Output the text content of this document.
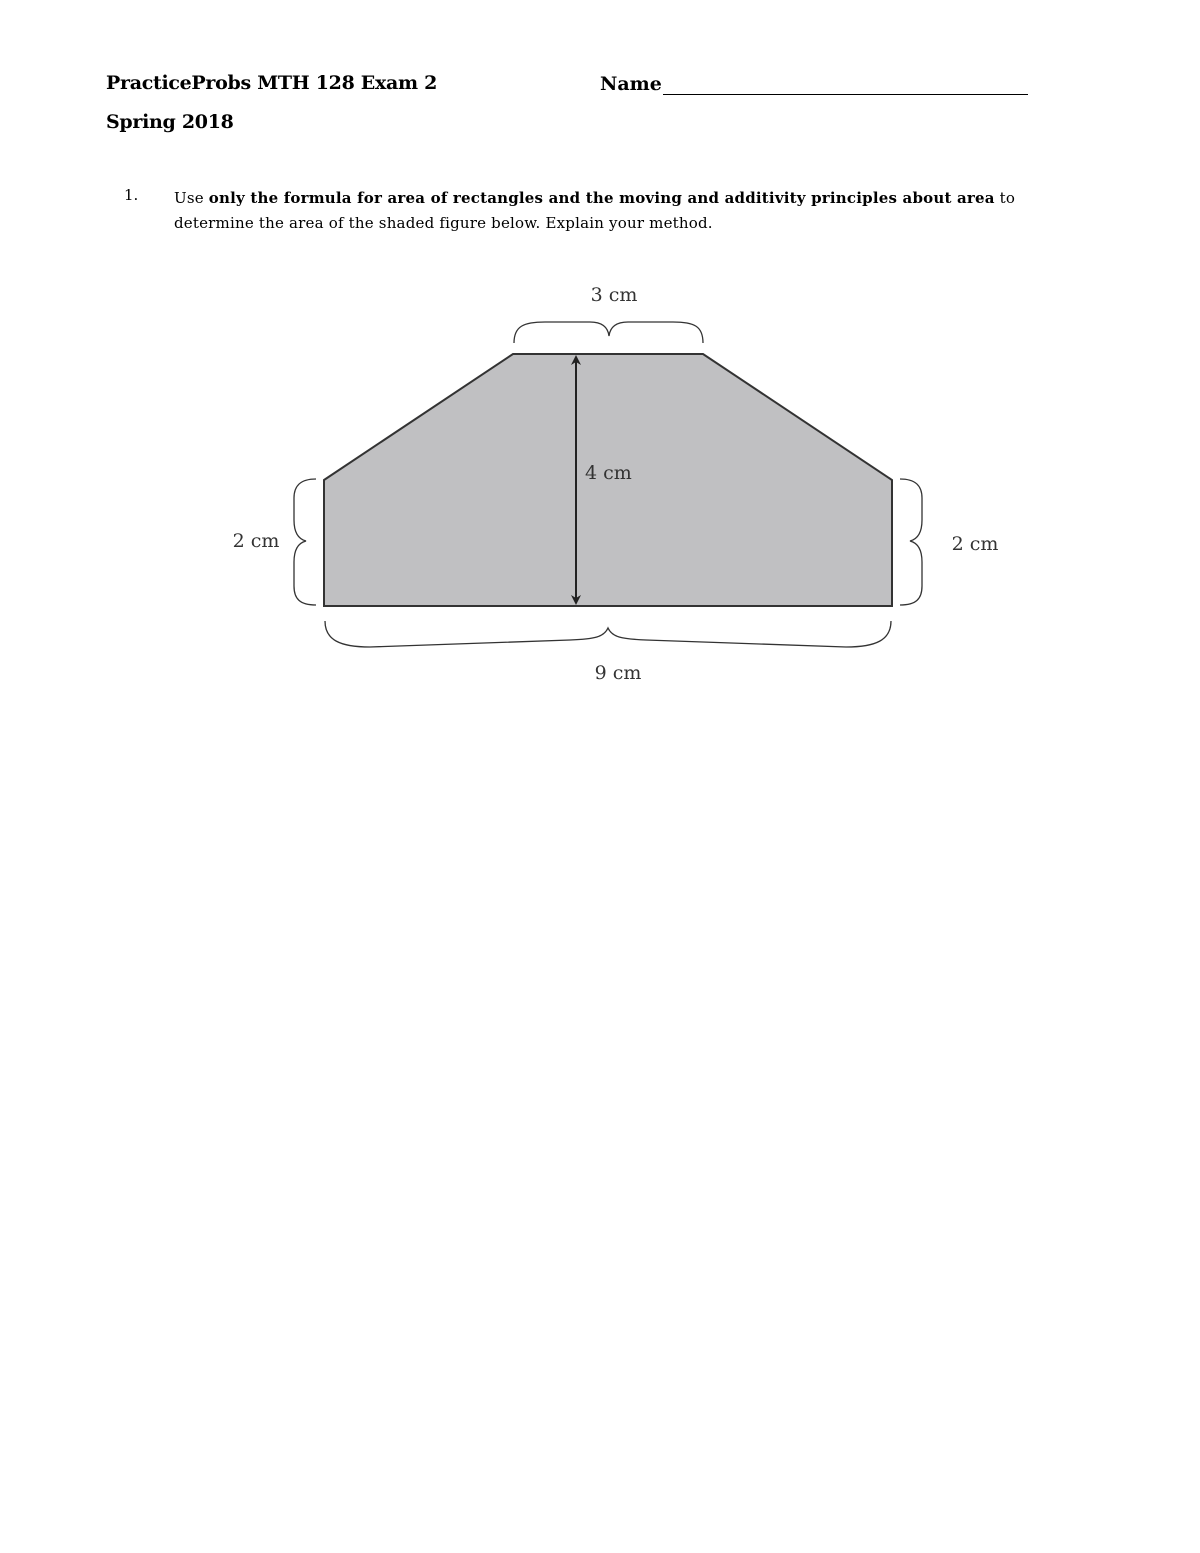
PracticeProbs MTH 128 Exam 2
Spring 2018
Name
1. Use only the formula for area of rectangles and the moving and additivity principles about area to determine the area of the shaded figure below. Explain your method.
3 cm
4 cm
2 cm	2 cm
9 cm
